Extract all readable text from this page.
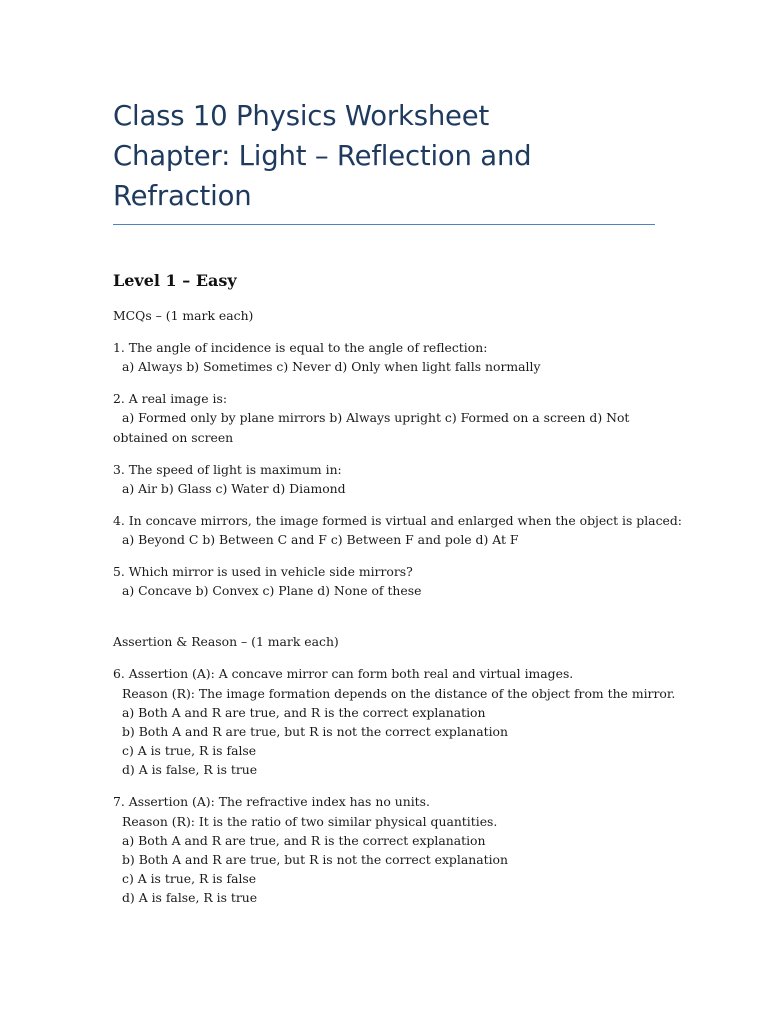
Class 10 Physics Worksheet
Chapter: Light – Reflection and
Refraction
Level 1 – Easy
MCQs – (1 mark each)
1. The angle of incidence is equal to the angle of reflection:
a) Always b) Sometimes c) Never d) Only when light falls normally
2. A real image is:
a) Formed only by plane mirrors b) Always upright c) Formed on a screen d) Not
obtained on screen
3. The speed of light is maximum in:
a) Air b) Glass c) Water d) Diamond
4. In concave mirrors, the image formed is virtual and enlarged when the object is placed:
a) Beyond C b) Between C and F c) Between F and pole d) At F
5. Which mirror is used in vehicle side mirrors?
a) Concave b) Convex c) Plane d) None of these
Assertion & Reason – (1 mark each)
6. Assertion (A): A concave mirror can form both real and virtual images.
Reason (R): The image formation depends on the distance of the object from the mirror.
a) Both A and R are true, and R is the correct explanation
b) Both A and R are true, but R is not the correct explanation
c) A is true, R is false
d) A is false, R is true
7. Assertion (A): The refractive index has no units.
Reason (R): It is the ratio of two similar physical quantities.
a) Both A and R are true, and R is the correct explanation
b) Both A and R are true, but R is not the correct explanation
c) A is true, R is false
d) A is false, R is true
